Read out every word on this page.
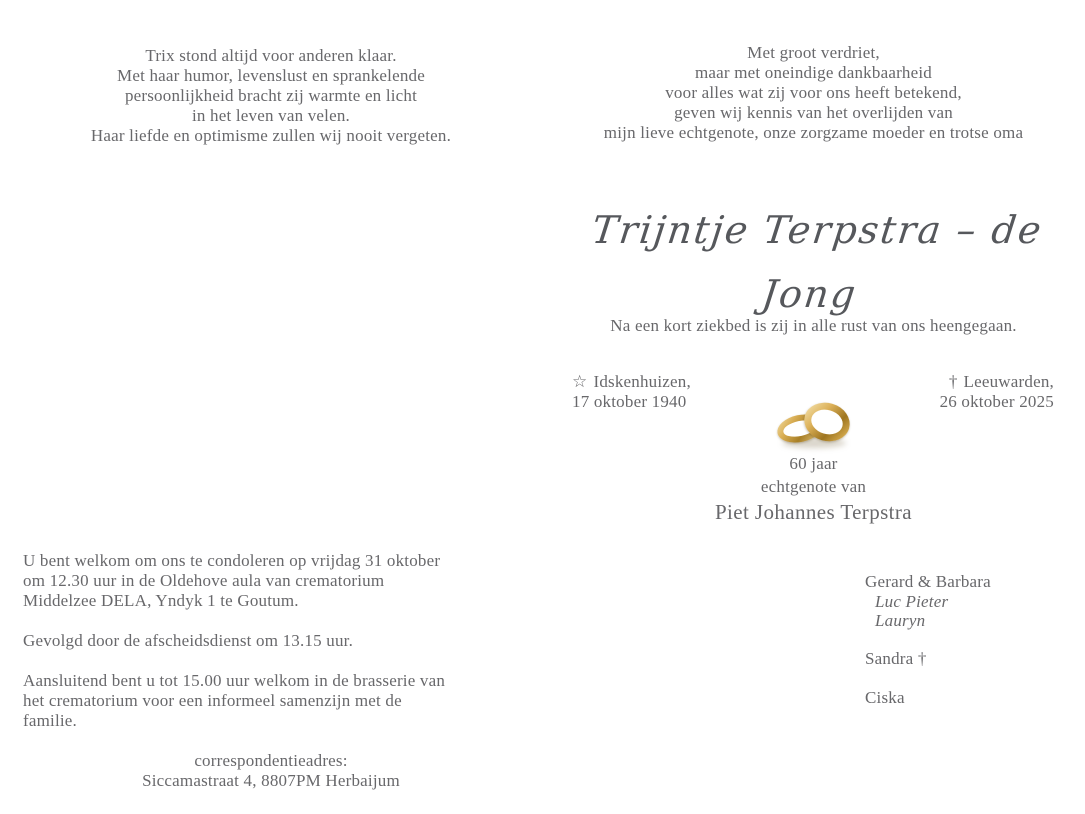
Trix stond altijd voor anderen klaar.
Met haar humor, levenslust en sprankelende
persoonlijkheid bracht zij warmte en licht
in het leven van velen.
Haar liefde en optimisme zullen wij nooit vergeten.
U bent welkom om ons te condoleren op vrijdag 31 oktober
om 12.30 uur in de Oldehove aula van crematorium
Middelzee DELA, Yndyk 1 te Goutum.
Gevolgd door de afscheidsdienst om 13.15 uur.
Aansluitend bent u tot 15.00 uur welkom in de brasserie van
het crematorium voor een informeel samenzijn met de
familie.
correspondentieadres:
Siccamastraat 4, 8807PM Herbaijum
Met groot verdriet,
maar met oneindige dankbaarheid
voor alles wat zij voor ons heeft betekend,
geven wij kennis van het overlijden van
mijn lieve echtgenote, onze zorgzame moeder en trotse oma
Trijntje Terpstra – de Jong
Na een kort ziekbed is zij in alle rust van ons heengegaan.
☆ Idskenhuizen,
17 oktober 1940
† Leeuwarden,
26 oktober 2025
60 jaar
echtgenote van
Piet Johannes Terpstra
Gerard & Barbara
Luc Pieter
Lauryn
Sandra †
Ciska
